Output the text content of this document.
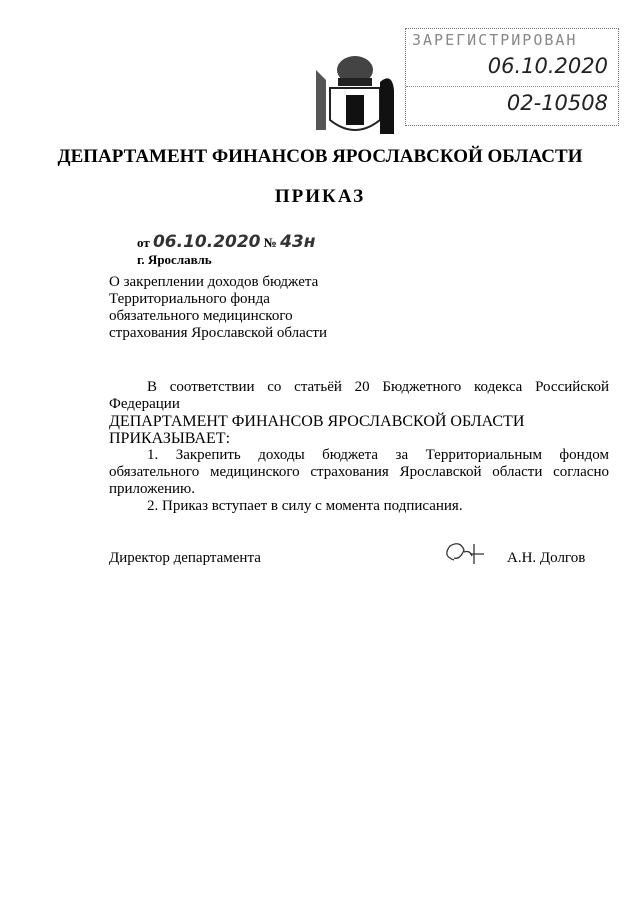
ЗАРЕГИСТРИРОВАН
06.10.2020
02-10508
ДЕПАРТАМЕНТ ФИНАНСОВ ЯРОСЛАВСКОЙ ОБЛАСТИ
ПРИКАЗ
от 06.10.2020 № 43н
г. Ярославль
О закреплении доходов бюджета
Территориального фонда
обязательного медицинского
страхования Ярославской области
В соответствии со статьёй 20 Бюджетного кодекса Российской
Федерации
ДЕПАРТАМЕНТ ФИНАНСОВ ЯРОСЛАВСКОЙ ОБЛАСТИ ПРИКАЗЫВАЕТ:
1. Закрепить доходы бюджета за Территориальным фондом
обязательного медицинского страхования Ярославской области согласно
приложению.
2. Приказ вступает в силу с момента подписания.
Директор департамента	А.Н. Долгов
